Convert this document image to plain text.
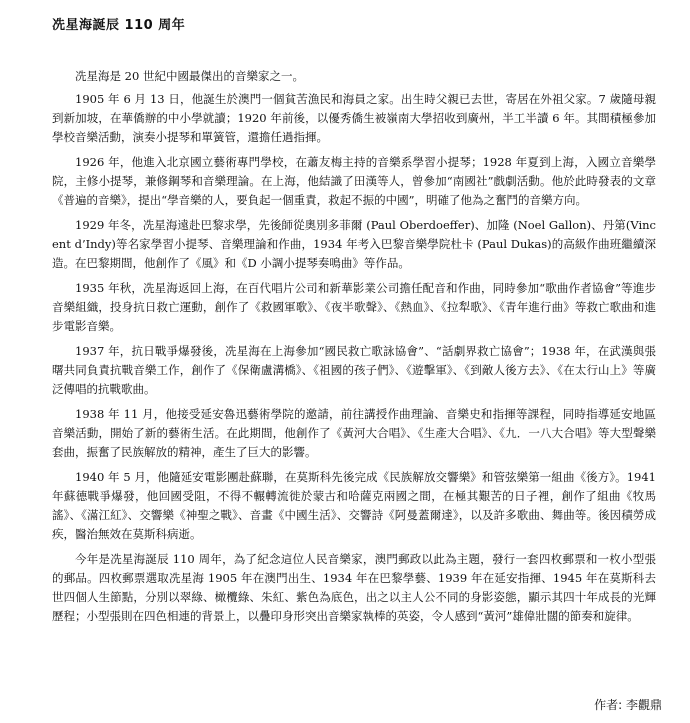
冼星海誕辰 110 周年

冼星海是 20 世紀中國最傑出的音樂家之一。

1905 年 6 月 13 日，他誕生於澳門一個貧苦漁民和海員之家。出生時父親已去世，寄居在外祖父家。7 歲隨母親到新加坡，在華僑辦的中小學就讀；1920 年前後，以優秀僑生被嶺南大學招收到廣州，半工半讀 6 年。其間積極參加學校音樂活動，演奏小提琴和單簧管，還擔任過指揮。

1926 年，他進入北京國立藝術專門學校，在蕭友梅主持的音樂系學習小提琴；1928 年夏到上海，入國立音樂學院，主修小提琴，兼修鋼琴和音樂理論。在上海，他結識了田漢等人，曾參加“南國社”戲劇活動。他於此時發表的文章《普遍的音樂》，提出“學音樂的人，要負起一個重責，救起不振的中國”，明確了他為之奮鬥的音樂方向。

1929 年冬，冼星海遠赴巴黎求學，先後師從奧別多菲爾 (Paul Oberdoeffer)、加隆 (Noel Gallon)、丹第(Vincent d’Indy)等名家學習小提琴、音樂理論和作曲，1934 年考入巴黎音樂學院杜卡 (Paul Dukas)的高級作曲班繼續深造。在巴黎期間，他創作了《風》和《D 小調小提琴奏鳴曲》等作品。

1935 年秋，冼星海返回上海，在百代唱片公司和新華影業公司擔任配音和作曲，同時參加“歌曲作者協會”等進步音樂組織，投身抗日救亡運動，創作了《救國軍歌》、《夜半歌聲》、《熱血》、《拉犁歌》、《青年進行曲》等救亡歌曲和進步電影音樂。

1937 年，抗日戰爭爆發後，冼星海在上海參加“國民救亡歌詠協會”、“話劇界救亡協會”；1938 年，在武漢與張曙共同負責抗戰音樂工作，創作了《保衛盧溝橋》、《祖國的孩子們》、《遊擊軍》、《到敵人後方去》、《在太行山上》等廣泛傳唱的抗戰歌曲。

1938 年 11 月，他接受延安魯迅藝術學院的邀請，前往講授作曲理論、音樂史和指揮等課程，同時指導延安地區音樂活動，開始了新的藝術生活。在此期間，他創作了《黃河大合唱》、《生產大合唱》、《九．一八大合唱》等大型聲樂套曲，振奮了民族解放的精神，產生了巨大的影響。

1940 年 5 月，他隨延安電影團赴蘇聯，在莫斯科先後完成《民族解放交響樂》和管弦樂第一組曲《後方》。1941 年蘇德戰爭爆發，他回國受阻，不得不輾轉流徙於蒙古和哈薩克兩國之間，在極其艱苦的日子裡，創作了組曲《牧馬謠》、《滿江紅》、交響樂《神聖之戰》、音畫《中國生活》、交響詩《阿曼蓋爾達》，以及許多歌曲、舞曲等。後因積勞成疾，醫治無效在莫斯科病逝。

今年是冼星海誕辰 110 周年，為了紀念這位人民音樂家，澳門郵政以此為主題，發行一套四枚郵票和一枚小型張的郵品。四枚郵票選取冼星海 1905 年在澳門出生、1934 年在巴黎學藝、1939 年在延安指揮、1945 年在莫斯科去世四個人生節點，分別以翠綠、橄欖綠、朱紅、紫色為底色，出之以主人公不同的身影姿態，顯示其四十年成長的光輝歷程；小型張則在四色相連的背景上，以疊印身形突出音樂家執棒的英姿，令人感到“黃河”雄偉壯闊的節奏和旋律。

作者: 李觀鼎
